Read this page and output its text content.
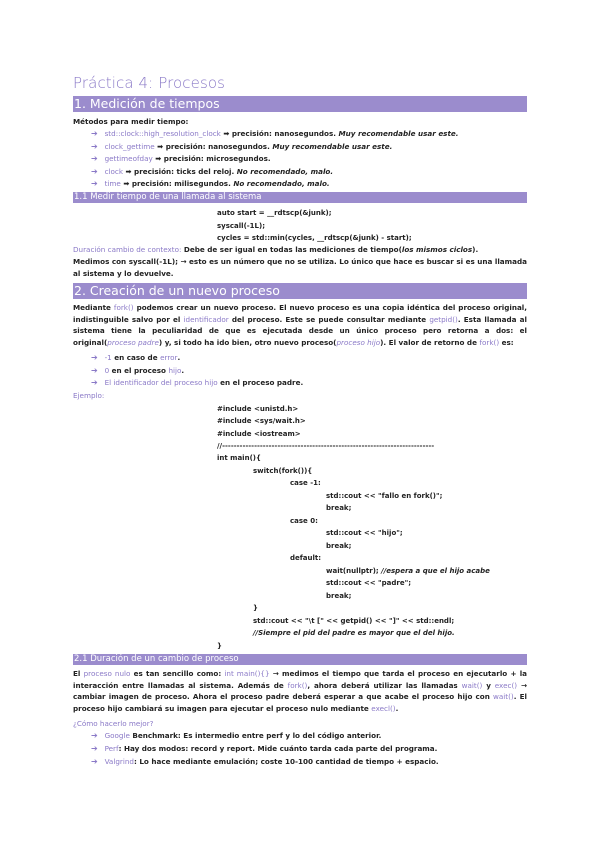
Práctica 4: Procesos
1. Medición de tiempos
Métodos para medir tiempo:
➔ std::clock::high_resolution_clock ➡ precisión: nanosegundos. Muy recomendable usar este.
➔ clock_gettime ➡ precisión: nanosegundos. Muy recomendable usar este.
➔ gettimeofday ➡ precisión: microsegundos.
➔ clock ➡ precisión: ticks del reloj. No recomendado, malo.
➔ time ➡ precisión: milisegundos. No recomendado, malo.
1.1 Medir tiempo de una llamada al sistema
auto start = __rdtscp(&junk);
syscall(-1L);
cycles = std::min(cycles, __rdtscp(&junk) - start);
Duración cambio de contexto: Debe de ser igual en todas las mediciones de tiempo(los mismos ciclos).
Medimos con syscall(-1L); → esto es un número que no se utiliza. Lo único que hace es buscar si es una llamada al sistema y lo devuelve.
2. Creación de un nuevo proceso
Mediante fork() podemos crear un nuevo proceso. El nuevo proceso es una copia idéntica del proceso original, indistinguible salvo por el identificador del proceso. Este se puede consultar mediante getpid(). Esta llamada al sistema tiene la peculiaridad de que es ejecutada desde un único proceso pero retorna a dos: el original(proceso padre) y, si todo ha ido bien, otro nuevo proceso(proceso hijo). El valor de retorno de fork() es:
➔ -1 en caso de error.
➔ 0 en el proceso hijo.
➔ El identificador del proceso hijo en el proceso padre.
Ejemplo:
#include <unistd.h>
#include <sys/wait.h>
#include <iostream>
//-------------------------------------------------------------------------
int main(){
switch(fork()){
case -1:
std::cout << "fallo en fork()";
break;
case 0:
std::cout << "hijo";
break;
default:
wait(nullptr); //espera a que el hijo acabe
std::cout << "padre";
break;
}
std::cout << "\t [" << getpid() << "]" << std::endl;
//Siempre el pid del padre es mayor que el del hijo.
}
2.1 Duración de un cambio de proceso
El proceso nulo es tan sencillo como: int main(){} → medimos el tiempo que tarda el proceso en ejecutarlo + la interacción entre llamadas al sistema. Además de fork(), ahora deberá utilizar las llamadas wait() y exec() → cambiar imagen de proceso. Ahora el proceso padre deberá esperar a que acabe el proceso hijo con wait(). El proceso hijo cambiará su imagen para ejecutar el proceso nulo mediante execl().
¿Cómo hacerlo mejor?
➔ Google Benchmark: Es intermedio entre perf y lo del código anterior.
➔ Perf: Hay dos modos: record y report. Mide cuánto tarda cada parte del programa.
➔ Valgrind: Lo hace mediante emulación; coste 10-100 cantidad de tiempo + espacio.
